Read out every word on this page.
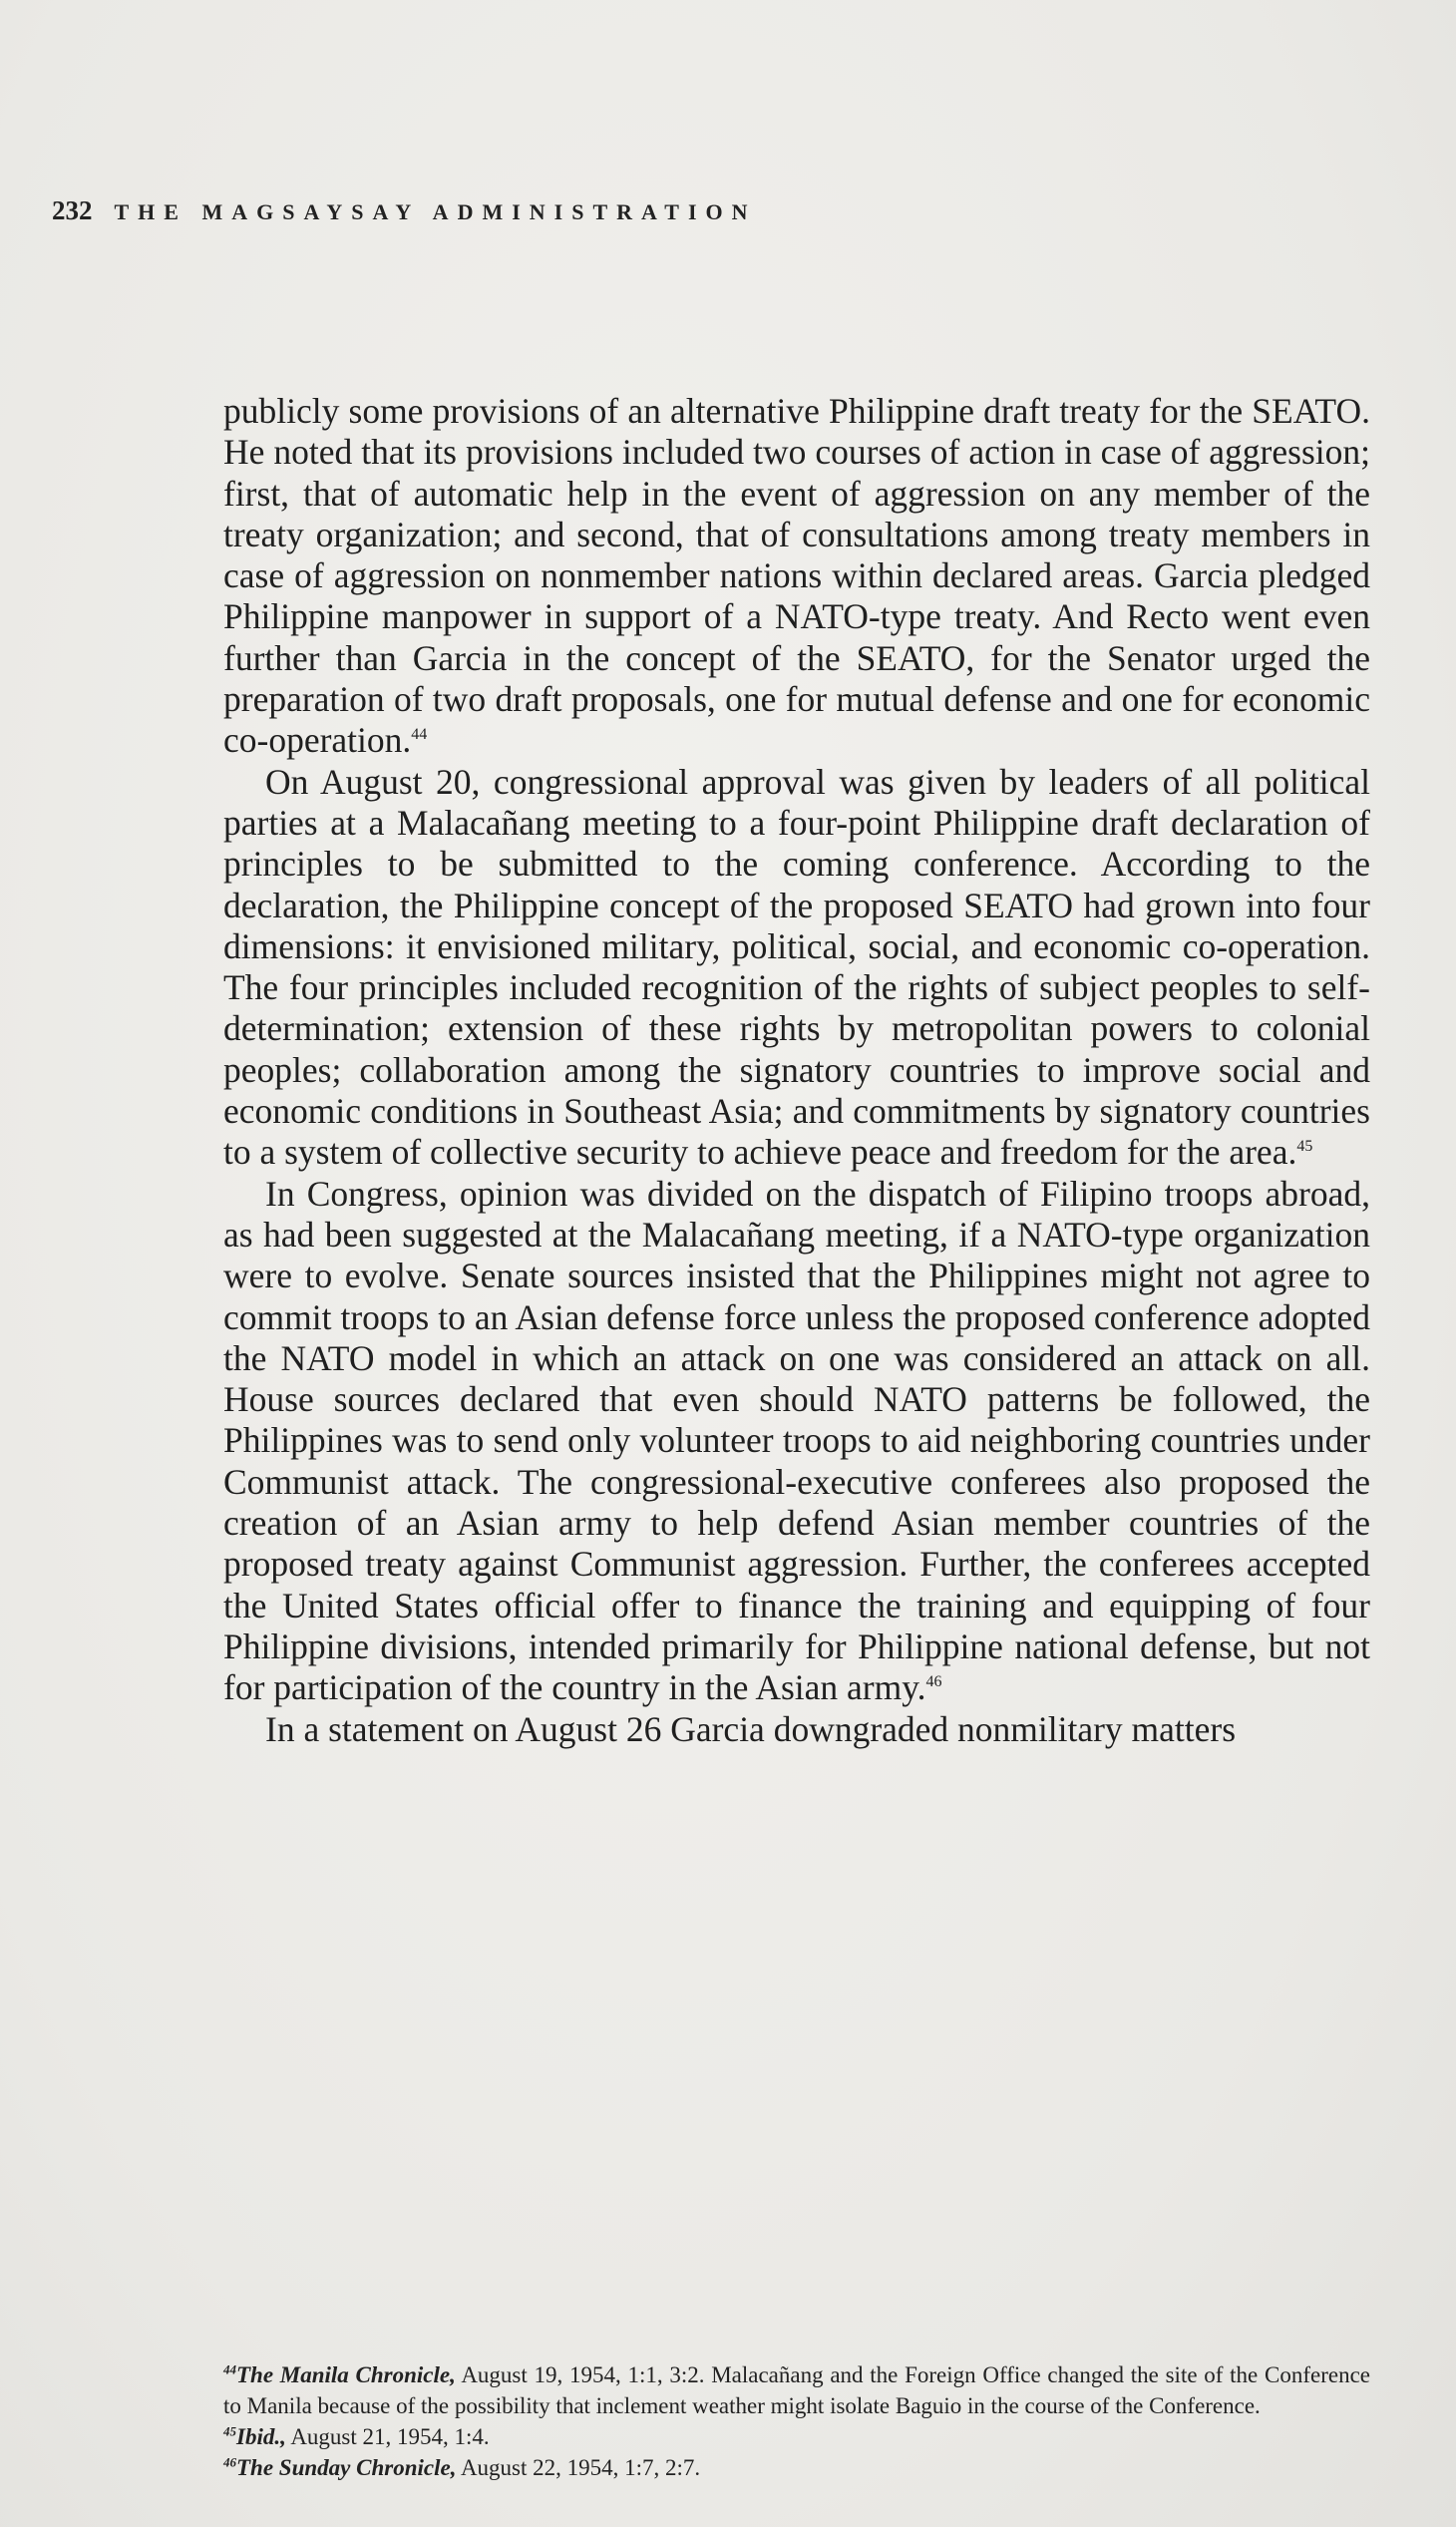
232 THE MAGSAYSAY ADMINISTRATION

publicly some provisions of an alternative Philippine draft treaty for the SEATO. He noted that its provisions included two courses of action in case of aggression; first, that of automatic help in the event of aggression on any member of the treaty organization; and second, that of consultations among treaty members in case of aggression on nonmember nations within declared areas. Garcia pledged Philippine manpower in support of a NATO-type treaty. And Recto went even further than Garcia in the concept of the SEATO, for the Senator urged the preparation of two draft proposals, one for mutual defense and one for economic co-operation.$^{44}$

On August 20, congressional approval was given by leaders of all political parties at a Malacañang meeting to a four-point Philippine draft declaration of principles to be submitted to the coming conference. According to the declaration, the Philippine concept of the proposed SEATO had grown into four dimensions: it envisioned military, political, social, and economic co-operation. The four principles included recognition of the rights of subject peoples to self-determination; extension of these rights by metropolitan powers to colonial peoples; collaboration among the signatory countries to improve social and economic conditions in Southeast Asia; and commitments by signatory countries to a system of collective security to achieve peace and freedom for the area.$^{45}$

In Congress, opinion was divided on the dispatch of Filipino troops abroad, as had been suggested at the Malacañang meeting, if a NATO-type organization were to evolve. Senate sources insisted that the Philippines might not agree to commit troops to an Asian defense force unless the proposed conference adopted the NATO model in which an attack on one was considered an attack on all. House sources declared that even should NATO patterns be followed, the Philippines was to send only volunteer troops to aid neighboring countries under Communist attack. The congressional-executive conferees also proposed the creation of an Asian army to help defend Asian member countries of the proposed treaty against Communist aggression. Further, the conferees accepted the United States official offer to finance the training and equipping of four Philippine divisions, intended primarily for Philippine national defense, but not for participation of the country in the Asian army.$^{46}$

In a statement on August 26 Garcia downgraded nonmilitary matters

$^{44}$The Manila Chronicle, August 19, 1954, 1:1, 3:2. Malacañang and the Foreign Office changed the site of the Conference to Manila because of the possibility that inclement weather might isolate Baguio in the course of the Conference.

$^{45}$Ibid., August 21, 1954, 1:4.

$^{46}$The Sunday Chronicle, August 22, 1954, 1:7, 2:7.
